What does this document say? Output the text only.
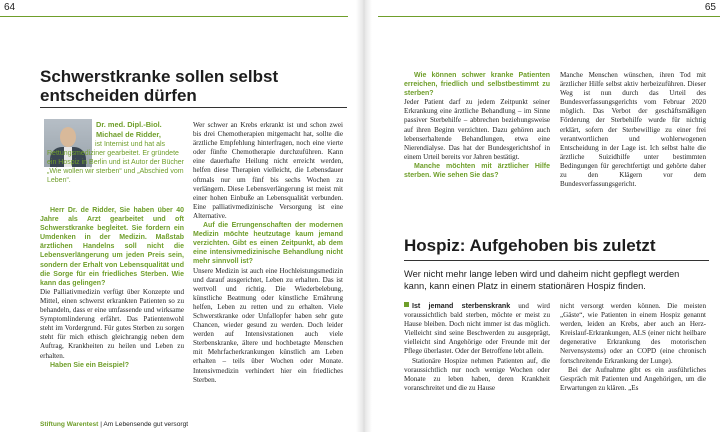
64	65
Schwerstkranke sollen selbst entscheiden dürfen
Dr. med. Dipl.-Biol.
Michael de Ridder,
ist Internist und hat als Rettungsmediziner gearbeitet. Er gründete ein Hospiz in Berlin und ist Autor der Bücher „Wie wollen wir sterben“ und „Abschied vom Leben“.

Herr Dr. de Ridder, Sie haben über 40 Jahre als Arzt gearbeitet und oft Schwerstkranke begleitet. Sie fordern ein Umdenken in der Medizin. Maßstab ärztlichen Handelns soll nicht die Lebensverlängerung um jeden Preis sein, sondern der Erhalt von Lebensqualität und die Sorge für ein friedliches Sterben. Wie kann das gelingen?

Die Palliativmedizin verfügt über Konzepte und Mittel, einen schwerst erkrankten Patienten so zu behandeln, dass er eine umfassende und wirksame Symptomlinderung erfährt. Das Patientenwohl steht im Vordergrund. Für gutes Sterben zu sorgen steht für mich ethisch gleichrangig neben dem Auftrag, Krankheiten zu heilen und Leben zu erhalten.

Haben Sie ein Beispiel?

Wer schwer an Krebs erkrankt ist und schon zwei bis drei Chemotherapien mitgemacht hat, sollte die ärztliche Empfehlung hinterfragen, noch eine vierte oder fünfte Chemotherapie durchzuführen. Kann eine dauerhafte Heilung nicht erreicht werden, helfen diese Therapien vielleicht, die Lebensdauer oftmals nur um fünf bis sechs Wochen zu verlängern. Diese Lebensverlängerung ist meist mit einer hohen Einbuße an Lebensqualität verbunden. Eine palliativmedizinische Versorgung ist eine Alternative.

Auf die Errungenschaften der modernen Medizin möchte heutzutage kaum jemand verzichten. Gibt es einen Zeitpunkt, ab dem eine intensivmedizinische Behandlung nicht mehr sinnvoll ist?

Unsere Medizin ist auch eine Hochleistungsmedizin und darauf ausgerichtet, Leben zu erhalten. Das ist wertvoll und richtig. Die Wiederbelebung, künstliche Beatmung oder künstliche Ernährung helfen, Leben zu retten und zu erhalten. Viele Schwerstkranke oder Unfallopfer haben sehr gute Chancen, wieder gesund zu werden. Doch leider werden auf Intensivstationen auch viele Sterbenskranke, ältere und hochbetagte Menschen mit Mehrfacherkrankungen künstlich am Leben erhalten – teils über Wochen oder Monate. Intensivmedizin verhindert hier ein friedliches Sterben.

Wie können schwer kranke Patienten erreichen, friedlich und selbstbestimmt zu sterben?

Jeder Patient darf zu jedem Zeitpunkt seiner Erkrankung eine ärztliche Behandlung – im Sinne passiver Sterbehilfe – abbrechen beziehungsweise auf ihren Beginn verzichten. Dazu gehören auch lebenserhaltende Behandlungen, etwa eine Nierendialyse. Das hat der Bundesgerichtshof in einem Urteil bereits vor Jahren bestätigt.

Manche möchten mit ärztlicher Hilfe sterben. Wie sehen Sie das?

Manche Menschen wünschen, ihren Tod mit ärztlicher Hilfe selbst aktiv herbeizuführen. Dieser Weg ist nun durch das Urteil des Bundesverfassungsgerichts vom Februar 2020 möglich. Das Verbot der geschäftsmäßigen Förderung der Sterbehilfe wurde für nichtig erklärt, sofern der Sterbewillige zu einer frei verantwortlichen und wohlerwogenen Entscheidung in der Lage ist. Ich selbst halte die ärztliche Suizidhilfe unter bestimmten Bedingungen für gerechtfertigt und gehörte daher zu den Klägern vor dem Bundesverfassungsgericht.

Hospiz: Aufgehoben bis zuletzt
Wer nicht mehr lange leben wird und daheim nicht gepflegt werden kann, kann einen Platz in einem stationären Hospiz finden.

Ist jemand sterbenskrank und wird voraussichtlich bald sterben, möchte er meist zu Hause bleiben. Doch nicht immer ist das möglich. Vielleicht sind seine Beschwerden zu ausgeprägt, vielleicht sind Angehörige oder Freunde mit der Pflege überlastet. Oder der Betroffene lebt allein.

Stationäre Hospize nehmen Patienten auf, die voraussichtlich nur noch wenige Wochen oder Monate zu leben haben, deren Krankheit voranschreitet und die zu Hause

nicht versorgt werden können. Die meisten „Gäste“, wie Patienten in einem Hospiz genannt werden, leiden an Krebs, aber auch an Herz-Kreislauf-Erkrankungen, ALS (einer nicht heilbare degenerative Erkrankung des motorischen Nervensystems) oder an COPD (eine chronisch fortschreitende Erkrankung der Lunge).

Bei der Aufnahme gibt es ein ausführliches Gespräch mit Patienten und Angehörigen, um die Erwartungen zu klären. „Es

Stiftung Warentest | Am Lebensende gut versorgt
